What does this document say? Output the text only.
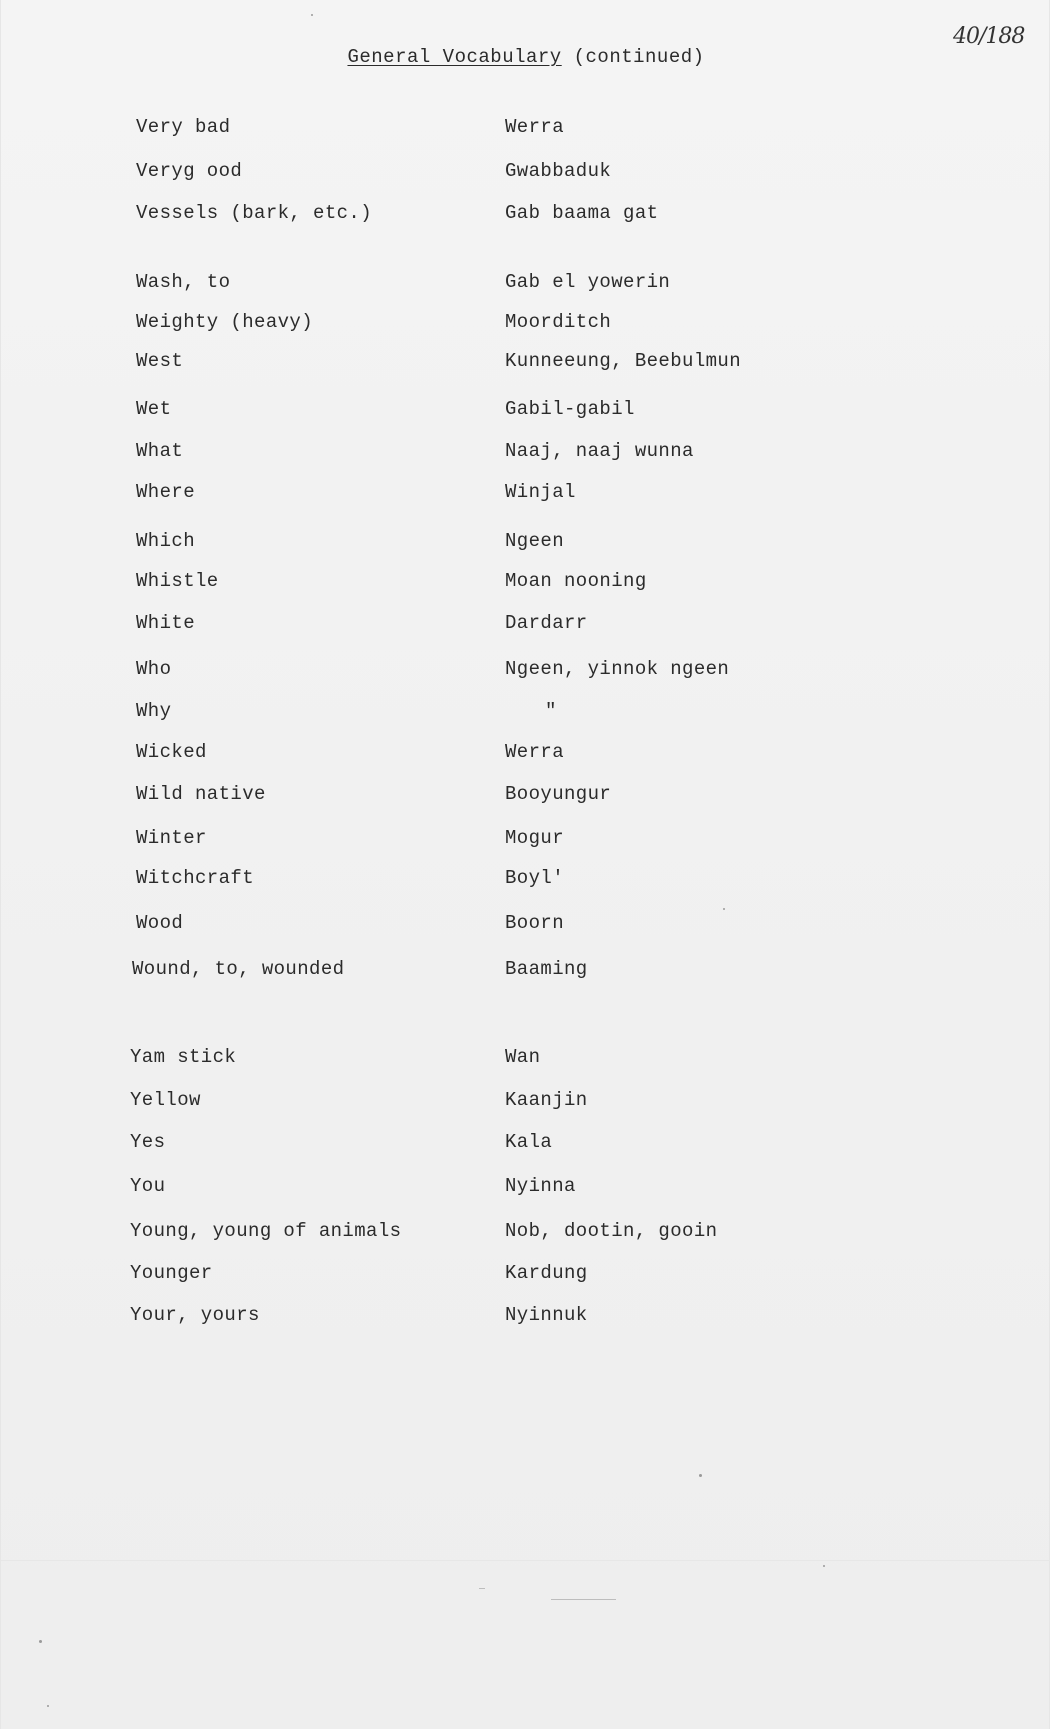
40/188
General Vocabulary (continued)
Very bad	Werra
Veryg ood	Gwabbaduk
Vessels (bark, etc.)	Gab baama gat
Wash, to	Gab el yowerin
Weighty (heavy)	Moorditch
West	Kunneeung, Beebulmun
Wet	Gabil-gabil
What	Naaj, naaj wunna
Where	Winjal
Which	Ngeen
Whistle	Moan nooning
White	Dardarr
Who	Ngeen, yinnok ngeen
Why	"
Wicked	Werra
Wild native	Booyungur
Winter	Mogur
Witchcraft	Boyl'
Wood	Boorn
Wound, to, wounded	Baaming
Yam stick	Wan
Yellow	Kaanjin
Yes	Kala
You	Nyinna
Young, young of animals	Nob, dootin, gooin
Younger	Kardung
Your, yours	Nyinnuk
